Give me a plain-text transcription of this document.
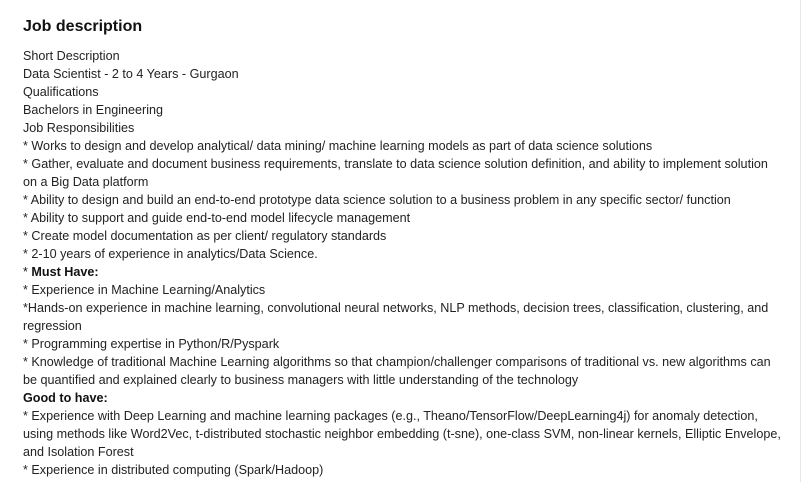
Job description
Short Description
Data Scientist - 2 to 4 Years - Gurgaon
Qualifications
Bachelors in Engineering
Job Responsibilities
* Works to design and develop analytical/ data mining/ machine learning models as part of data science solutions
* Gather, evaluate and document business requirements, translate to data science solution definition, and ability to implement solution on a Big Data platform
* Ability to design and build an end-to-end prototype data science solution to a business problem in any specific sector/ function
* Ability to support and guide end-to-end model lifecycle management
* Create model documentation as per client/ regulatory standards
* 2-10 years of experience in analytics/Data Science.
* Must Have:
* Experience in Machine Learning/Analytics
*Hands-on experience in machine learning, convolutional neural networks, NLP methods, decision trees, classification, clustering, and regression
* Programming expertise in Python/R/Pyspark
* Knowledge of traditional Machine Learning algorithms so that champion/challenger comparisons of traditional vs. new algorithms can be quantified and explained clearly to business managers with little understanding of the technology
Good to have:
* Experience with Deep Learning and machine learning packages (e.g., Theano/TensorFlow/DeepLearning4j) for anomaly detection, using methods like Word2Vec, t-distributed stochastic neighbor embedding (t-sne), one-class SVM, non-linear kernels, Elliptic Envelope, and Isolation Forest
* Experience in distributed computing (Spark/Hadoop)
